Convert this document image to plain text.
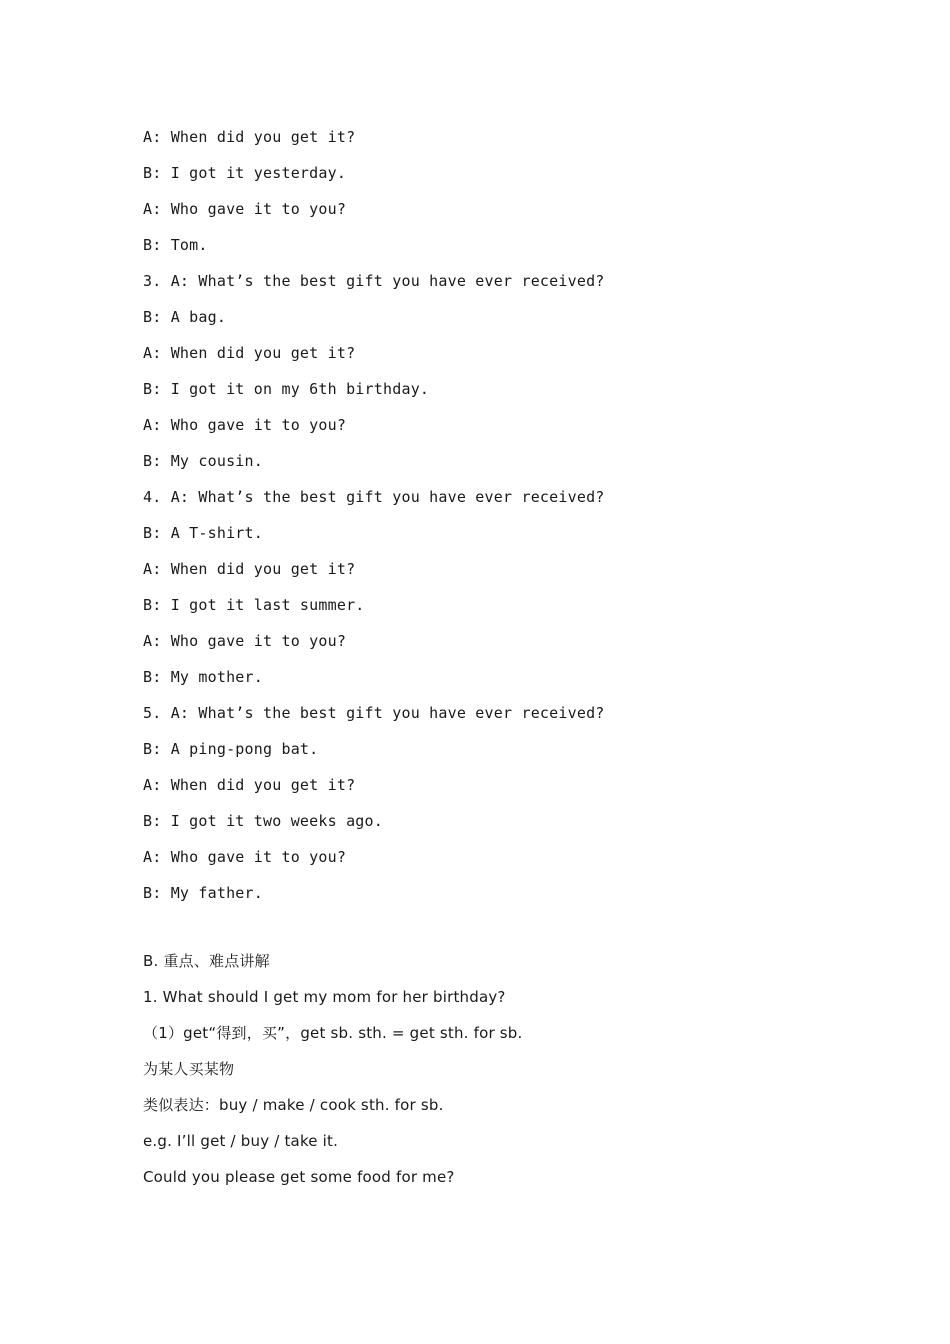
A: When did you get it?
B: I got it yesterday.
A: Who gave it to you?
B: Tom.
3. A: What’s the best gift you have ever received?
B: A bag.
A: When did you get it?
B: I got it on my 6th birthday.
A: Who gave it to you?
B: My cousin.
4. A: What’s the best gift you have ever received?
B: A T-shirt.
A: When did you get it?
B: I got it last summer.
A: Who gave it to you?
B: My mother.
5. A: What’s the best gift you have ever received?
B: A ping-pong bat.
A: When did you get it?
B: I got it two weeks ago.
A: Who gave it to you?
B: My father.
B. 重点、难点讲解
1. What should I get my mom for her birthday?
（1）get“得到，买”，get sb. sth. = get sth. for sb.
为某人买某物
类似表达：buy / make / cook sth. for sb.
e.g. I’ll get / buy / take it.
Could you please get some food for me?
